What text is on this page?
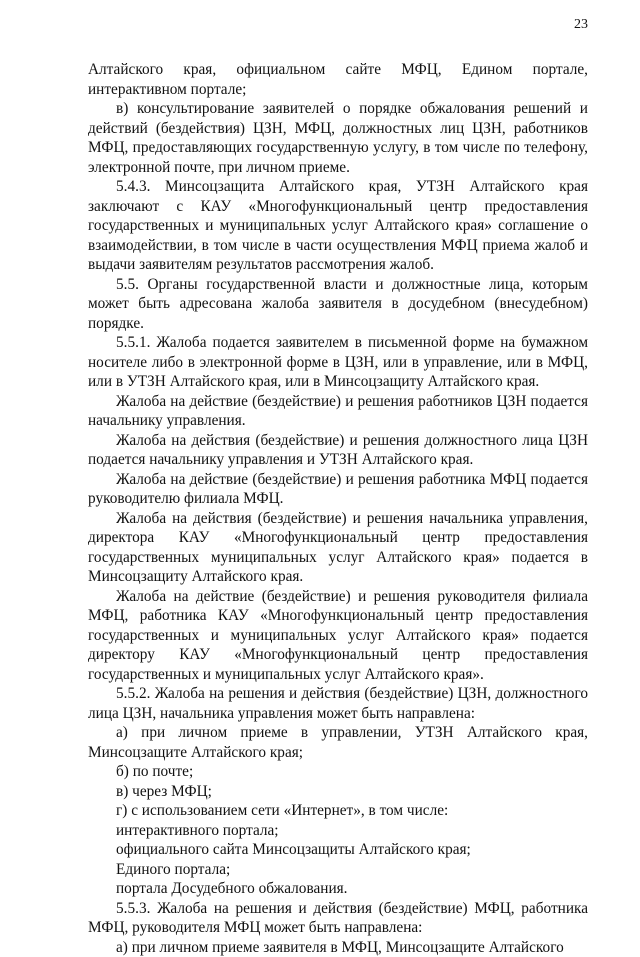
23

Алтайского края, официальном сайте МФЦ, Едином портале, интерактивном портале;

в) консультирование заявителей о порядке обжалования решений и действий (бездействия) ЦЗН, МФЦ, должностных лиц ЦЗН, работников МФЦ, предоставляющих государственную услугу, в том числе по телефону, электронной почте, при личном приеме.

5.4.3. Минсоцзащита Алтайского края, УТЗН Алтайского края заключают с КАУ «Многофункциональный центр предоставления государственных и муниципальных услуг Алтайского края» соглашение о взаимодействии, в том числе в части осуществления МФЦ приема жалоб и выдачи заявителям результатов рассмотрения жалоб.

5.5. Органы государственной власти и должностные лица, которым может быть адресована жалоба заявителя в досудебном (внесудебном) порядке.

5.5.1. Жалоба подается заявителем в письменной форме на бумажном носителе либо в электронной форме в ЦЗН, или в управление, или в МФЦ, или в УТЗН Алтайского края, или в Минсоцзащиту Алтайского края.

Жалоба на действие (бездействие) и решения работников ЦЗН подается начальнику управления.

Жалоба на действия (бездействие) и решения должностного лица ЦЗН подается начальнику управления и УТЗН Алтайского края.

Жалоба на действие (бездействие) и решения работника МФЦ подается руководителю филиала МФЦ.

Жалоба на действия (бездействие) и решения начальника управления, директора КАУ «Многофункциональный центр предоставления государственных муниципальных услуг Алтайского края» подается в Минсоцзащиту Алтайского края.

Жалоба на действие (бездействие) и решения руководителя филиала МФЦ, работника КАУ «Многофункциональный центр предоставления государственных и муниципальных услуг Алтайского края» подается директору КАУ «Многофункциональный центр предоставления государственных и муниципальных услуг Алтайского края».

5.5.2. Жалоба на решения и действия (бездействие) ЦЗН, должностного лица ЦЗН, начальника управления может быть направлена:

а) при личном приеме в управлении, УТЗН Алтайского края, Минсоцзащите Алтайского края;

б) по почте;

в) через МФЦ;

г) с использованием сети «Интернет», в том числе:

интерактивного портала;

официального сайта Минсоцзащиты Алтайского края;

Единого портала;

портала Досудебного обжалования.

5.5.3. Жалоба на решения и действия (бездействие) МФЦ, работника МФЦ, руководителя МФЦ может быть направлена:

а) при личном приеме заявителя в МФЦ, Минсоцзащите Алтайского
